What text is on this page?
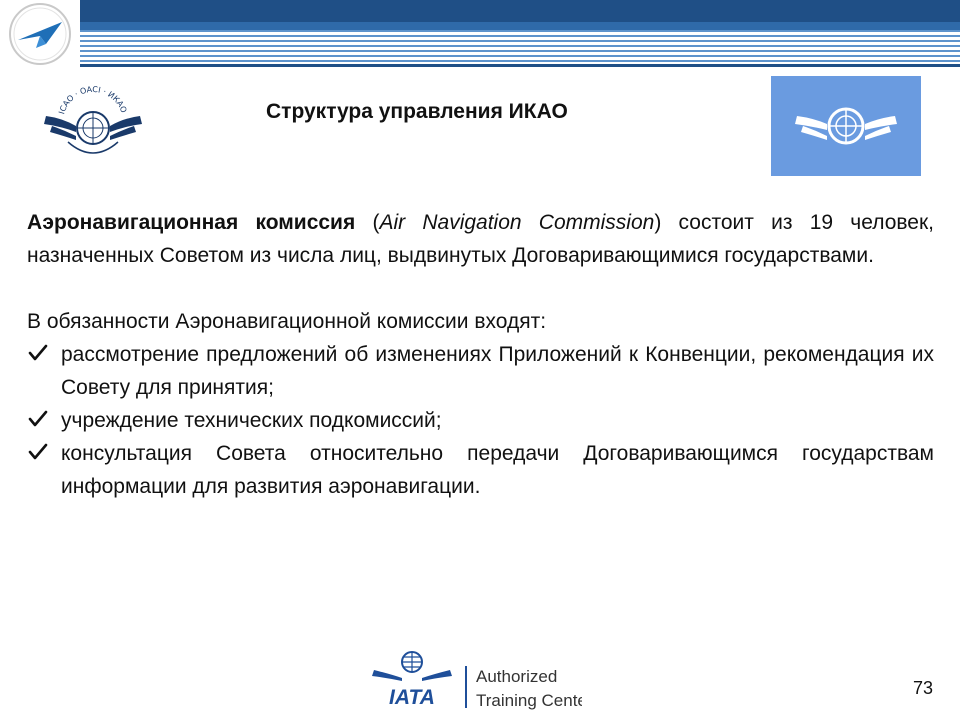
ICAO · OACI · ИКАО	Структура управления ИКАО

Аэронавигационная комиссия (Air Navigation Commission) состоит из 19 человек, назначенных Советом из числа лиц, выдвинутых Договаривающимися государствами.

В обязанности Аэронавигационной комиссии входят:

рассмотрение предложений об изменениях Приложений к Конвенции, рекомендация их Совету для принятия;
учреждение технических подкомиссий;
консультация Совета относительно передачи Договаривающимся государствам информации для развития аэронавигации.
IATA
Authorized
Training Center
73
